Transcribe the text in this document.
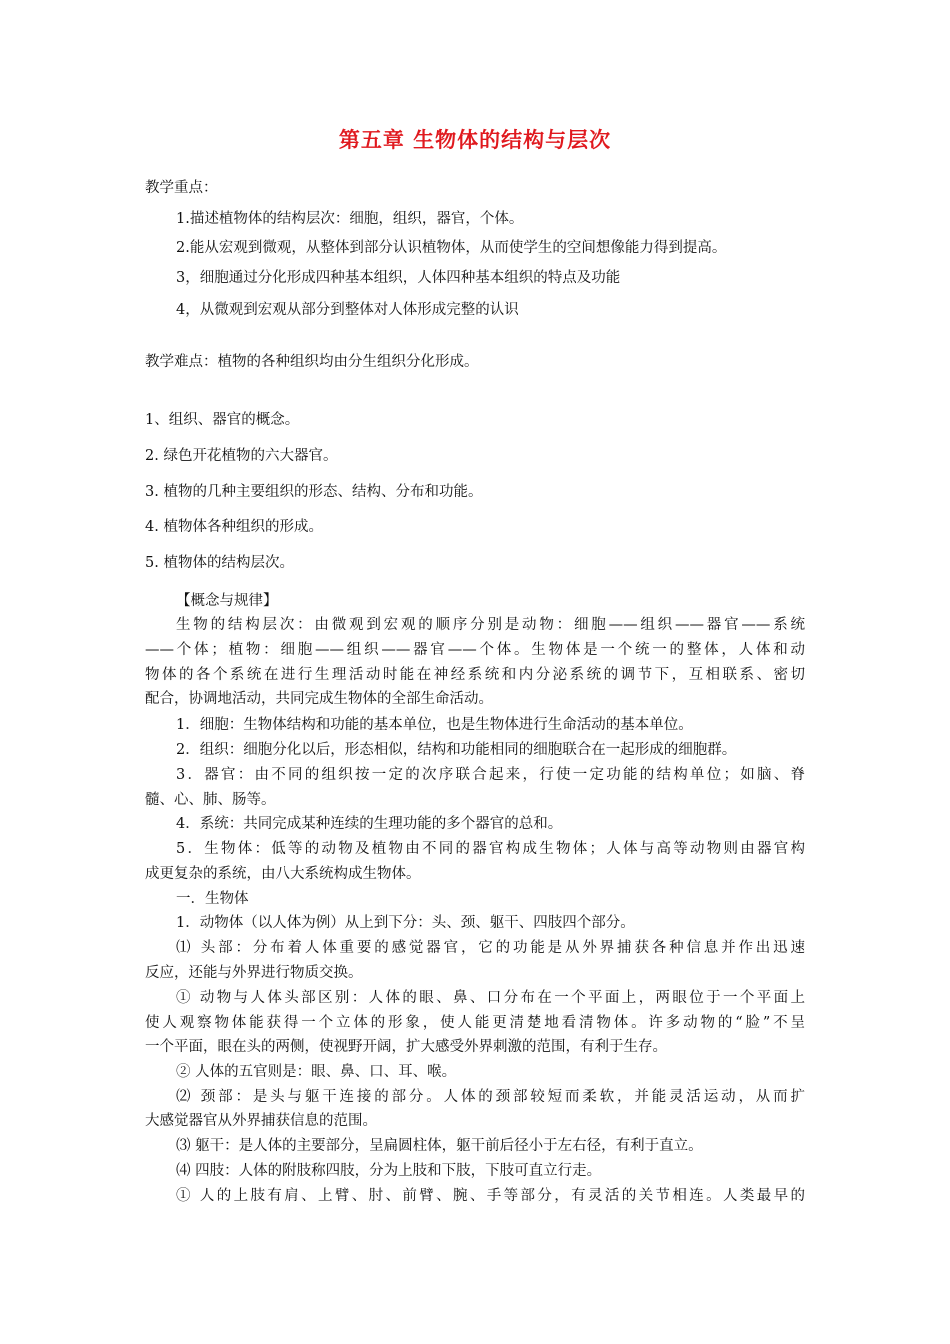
第五章 生物体的结构与层次
教学重点：
1.描述植物体的结构层次：细胞，组织，器官，个体。
2.能从宏观到微观，从整体到部分认识植物体，从而使学生的空间想像能力得到提高。
3，细胞通过分化形成四种基本组织，人体四种基本组织的特点及功能
4，从微观到宏观从部分到整体对人体形成完整的认识
教学难点：植物的各种组织均由分生组织分化形成。
1、组织、器官的概念。
2. 绿色开花植物的六大器官。
3. 植物的几种主要组织的形态、结构、分布和功能。
4. 植物体各种组织的形成。
5. 植物体的结构层次。
【概念与规律】
生物的结构层次：由微观到宏观的顺序分别是动物：细胞——组织——器官——系统
——个体；植物：细胞——组织——器官——个体。生物体是一个统一的整体，人体和动
物体的各个系统在进行生理活动时能在神经系统和内分泌系统的调节下，互相联系、密切
配合，协调地活动，共同完成生物体的全部生命活动。
1．细胞：生物体结构和功能的基本单位，也是生物体进行生命活动的基本单位。
2．组织：细胞分化以后，形态相似，结构和功能相同的细胞联合在一起形成的细胞群。
3．器官：由不同的组织按一定的次序联合起来，行使一定功能的结构单位；如脑、脊
髓、心、肺、肠等。
4．系统：共同完成某种连续的生理功能的多个器官的总和。
5．生物体：低等的动物及植物由不同的器官构成生物体；人体与高等动物则由器官构
成更复杂的系统，由八大系统构成生物体。
一．生物体
1．动物体（以人体为例）从上到下分：头、颈、躯干、四肢四个部分。
⑴ 头部：分布着人体重要的感觉器官，它的功能是从外界捕获各种信息并作出迅速
反应，还能与外界进行物质交换。
① 动物与人体头部区别：人体的眼、鼻、口分布在一个平面上，两眼位于一个平面上
使人观察物体能获得一个立体的形象，使人能更清楚地看清物体。许多动物的“脸”不呈
一个平面，眼在头的两侧，使视野开阔，扩大感受外界刺激的范围，有利于生存。
② 人体的五官则是：眼、鼻、口、耳、喉。
⑵ 颈部：是头与躯干连接的部分。人体的颈部较短而柔软，并能灵活运动，从而扩
大感觉器官从外界捕获信息的范围。
⑶ 躯干：是人体的主要部分，呈扁圆柱体，躯干前后径小于左右径，有利于直立。
⑷ 四肢：人体的附肢称四肢，分为上肢和下肢，下肢可直立行走。
① 人的上肢有肩、上臂、肘、前臂、腕、手等部分，有灵活的关节相连。人类最早的
